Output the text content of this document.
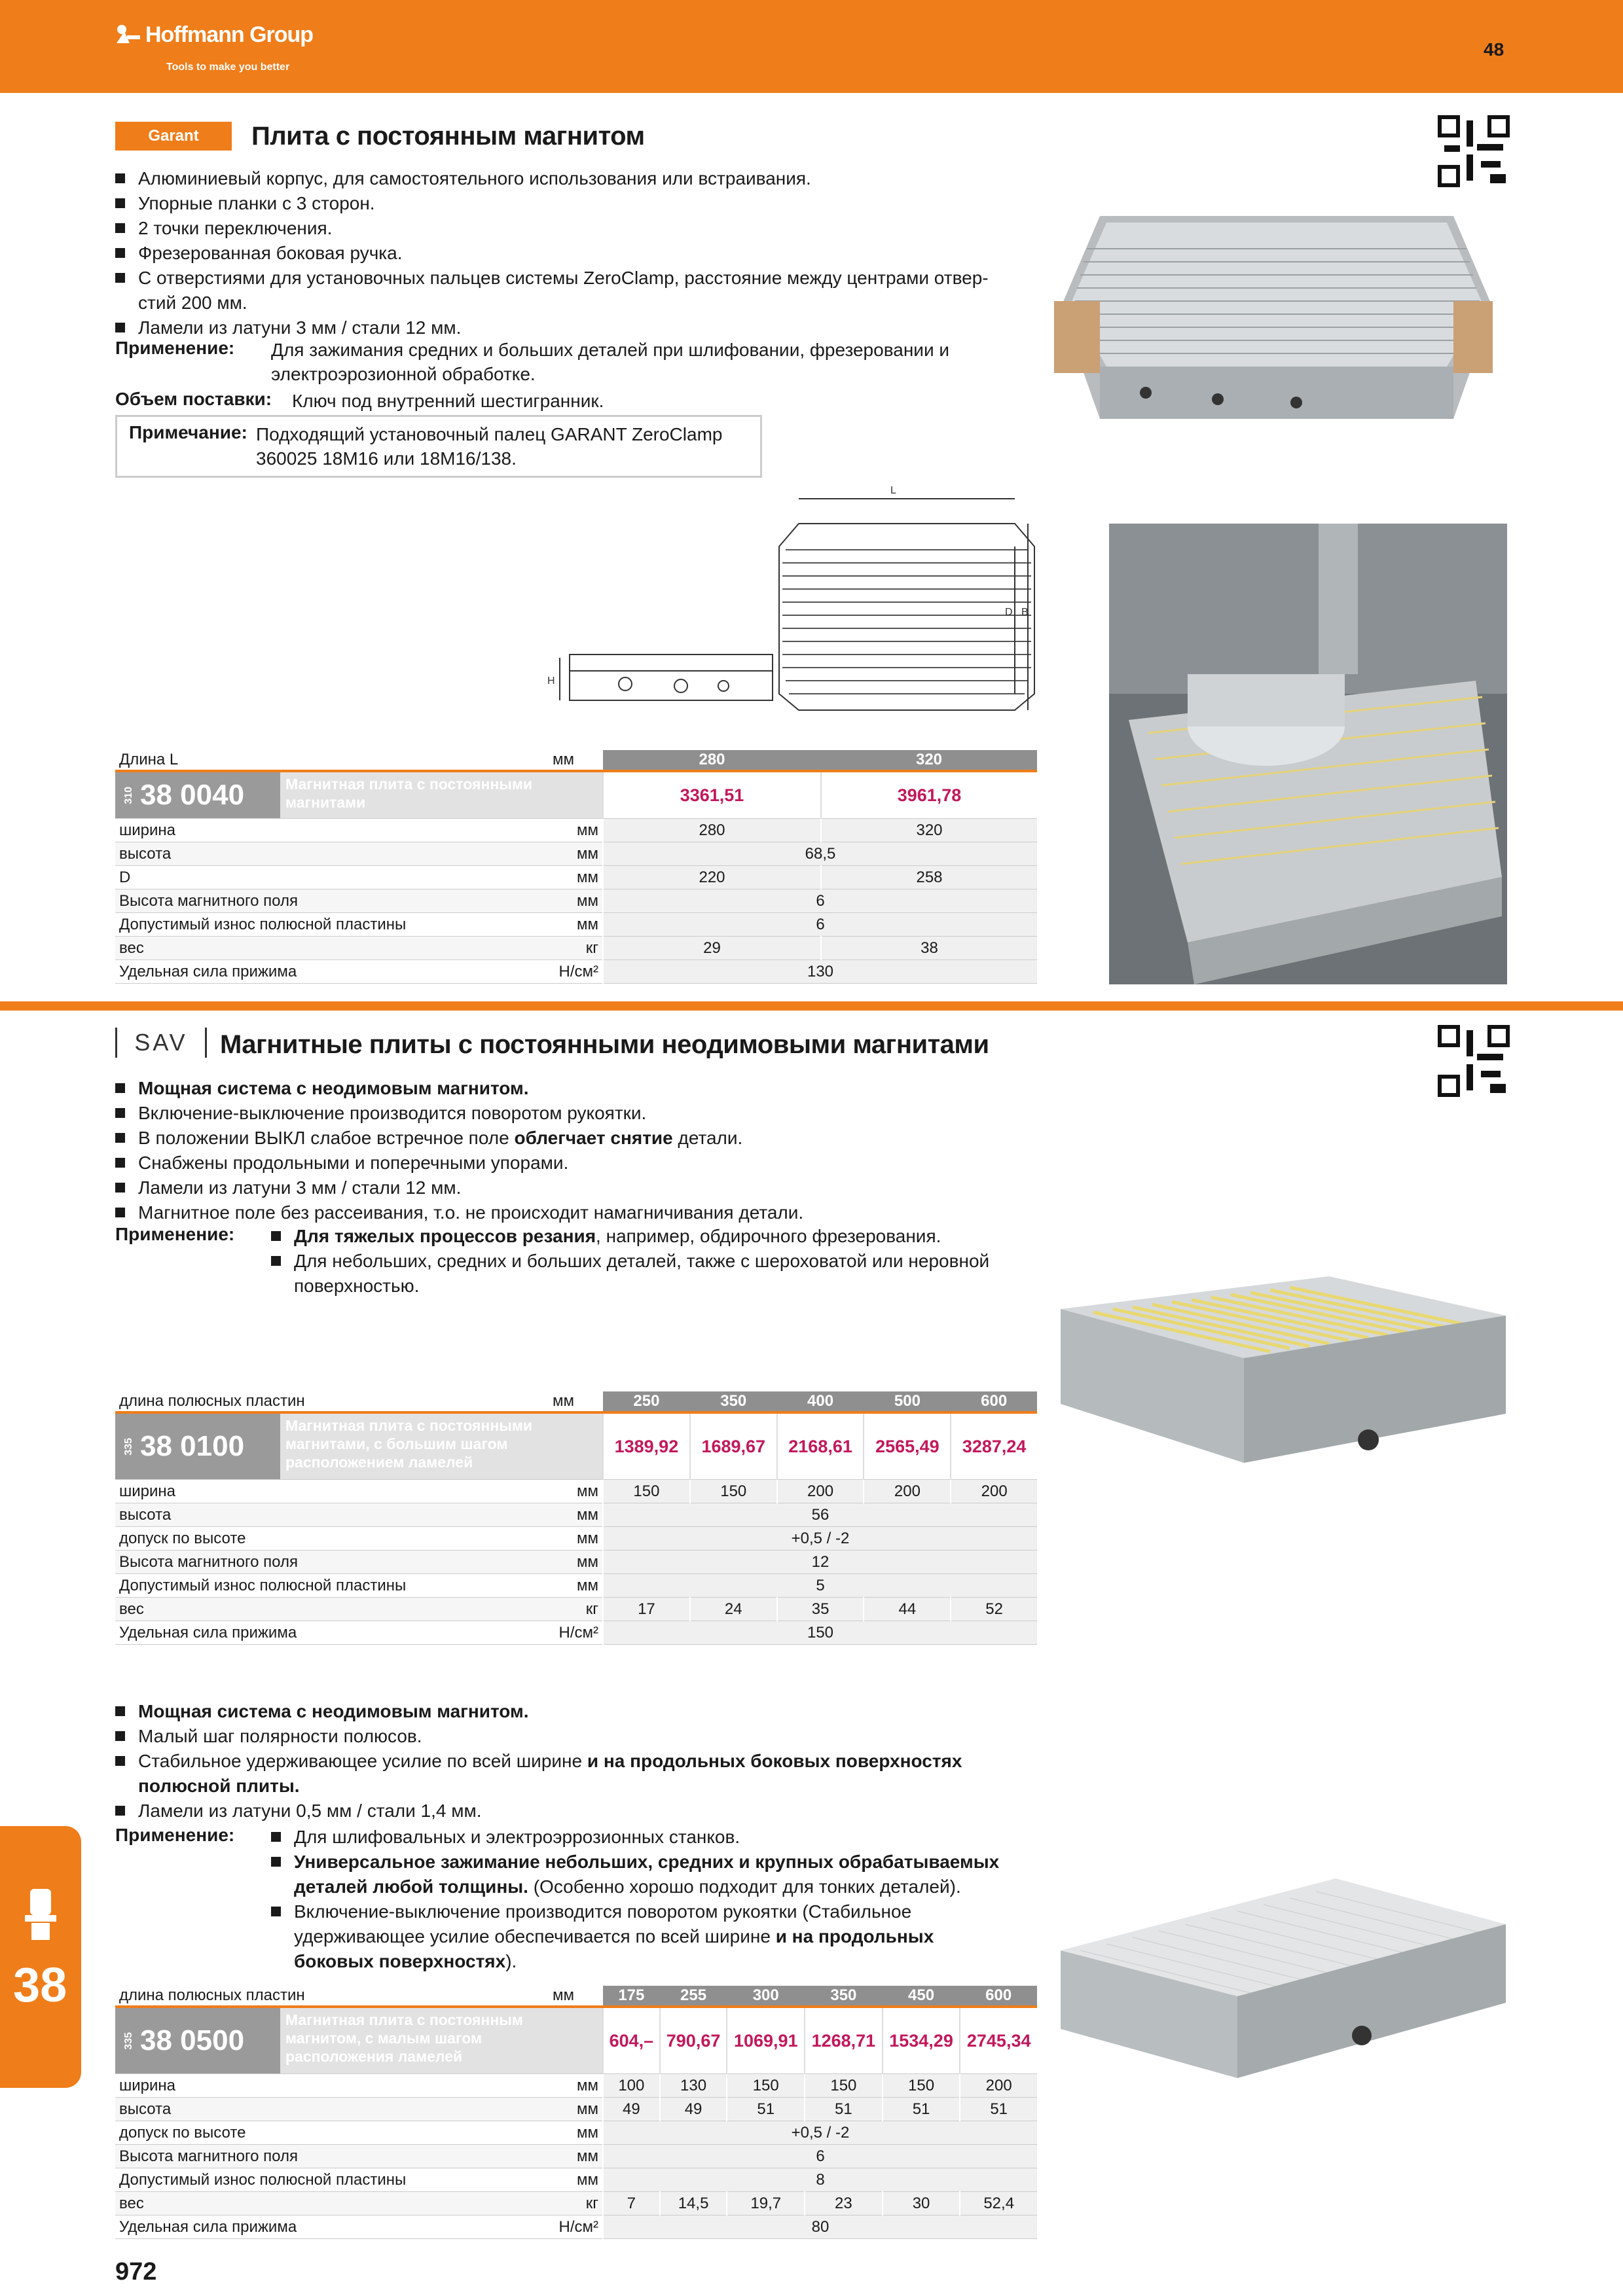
Hoffmann Group
Tools to make you better
48	RUE
Garant	Плита с постоянным магнитом
Алюминиевый корпус, для самостоятельного использования или встраивания.
Упорные планки с 3 сторон.
2 точки переключения.
Фрезерованная боковая ручка.
С отверстиями для установочных пальцев системы ZeroClamp, расстояние между центрами отвер-
стий 200 мм.
Ламели из латуни 3 мм / стали 12 мм.
Применение: Для зажимания средних и больших деталей при шлифовании, фрезеровании и
электроэрозионной обработке.
Объем поставки: Ключ под внутренний шестигранник.
Примечание: Подходящий установочный палец GARANT ZeroClamp
360025 18M16 или 18M16/138.
L
D B
H
Длина L	мм	280	320

310 38 0040 Магнитная плита с постоянными
магнитами		3361,51	3961,78
ширина	мм	280	320
высота	мм	68,5	
D	мм	220	258
Высота магнитного поля	мм	6	
Допустимый износ полюсной пластины	мм	6	
вес	кг	29	38
Удельная сила прижима	Н/см²	130	
SAV	Магнитные плиты с постоянными неодимовыми магнитами
Мощная система с неодимовым магнитом.
Включение-выключение производится поворотом рукоятки.
В положении ВЫКЛ слабое встречное поле облегчает снятие детали.
Снабжены продольными и поперечными упорами.
Ламели из латуни 3 мм / стали 12 мм.
Магнитное поле без рассеивания, т.о. не происходит намагничивания детали.
Применение:	Для тяжелых процессов резания, например, обдирочного фрезерования.
Для небольших, средних и больших деталей, также с шероховатой или неровной
поверхностью.
длина полюсных пластин	мм	250	350	400	500	600

335 38 0100
Магнитная плита с постоянными
магнитами, с большим шагом
расположением ламелей		1389,92	1689,67	2168,61	2565,49	3287,24
ширина	мм	150	150	200	200	200
высота	мм	56				
допуск по высоте	мм	+0,5 / -2				
Высота магнитного поля	мм	12				
Допустимый износ полюсной пластины	мм	5				
вес	кг	17	24	35	44	52
Удельная сила прижима	Н/см²	150				
Мощная система с неодимовым магнитом.
Малый шаг полярности полюсов.
Стабильное удерживающее усилие по всей ширине и на продольных боковых поверхностях
полюсной плиты.
Ламели из латуни 0,5 мм / стали 1,4 мм.
Применение:	Для шлифовальных и электроэррозионных станков.
Универсальное зажимание небольших, средних и крупных обрабатываемых
деталей любой толщины. (Особенно хорошо подходит для тонких деталей).
Включение-выключение производится поворотом рукоятки (Стабильное
удерживающее усилие обеспечивается по всей ширине и на продольных
боковых поверхностях).
длина полюсных пластин	мм	175	255	300	350	450	600

335 38 0500
Магнитная плита с постоянным
магнитом, с малым шагом
расположения ламелей		604,–	790,67	1069,91	1268,71	1534,29	2745,34
ширина	мм	100	130	150	150	150	200
высота	мм	49	49	51	51	51	51
допуск по высоте	мм	+0,5 / -2					
Высота магнитного поля	мм	6					
Допустимый износ полюсной пластины	мм	8					
вес	кг	7	14,5	19,7	23	30	52,4
Удельная сила прижима	Н/см²	80					
38
972
